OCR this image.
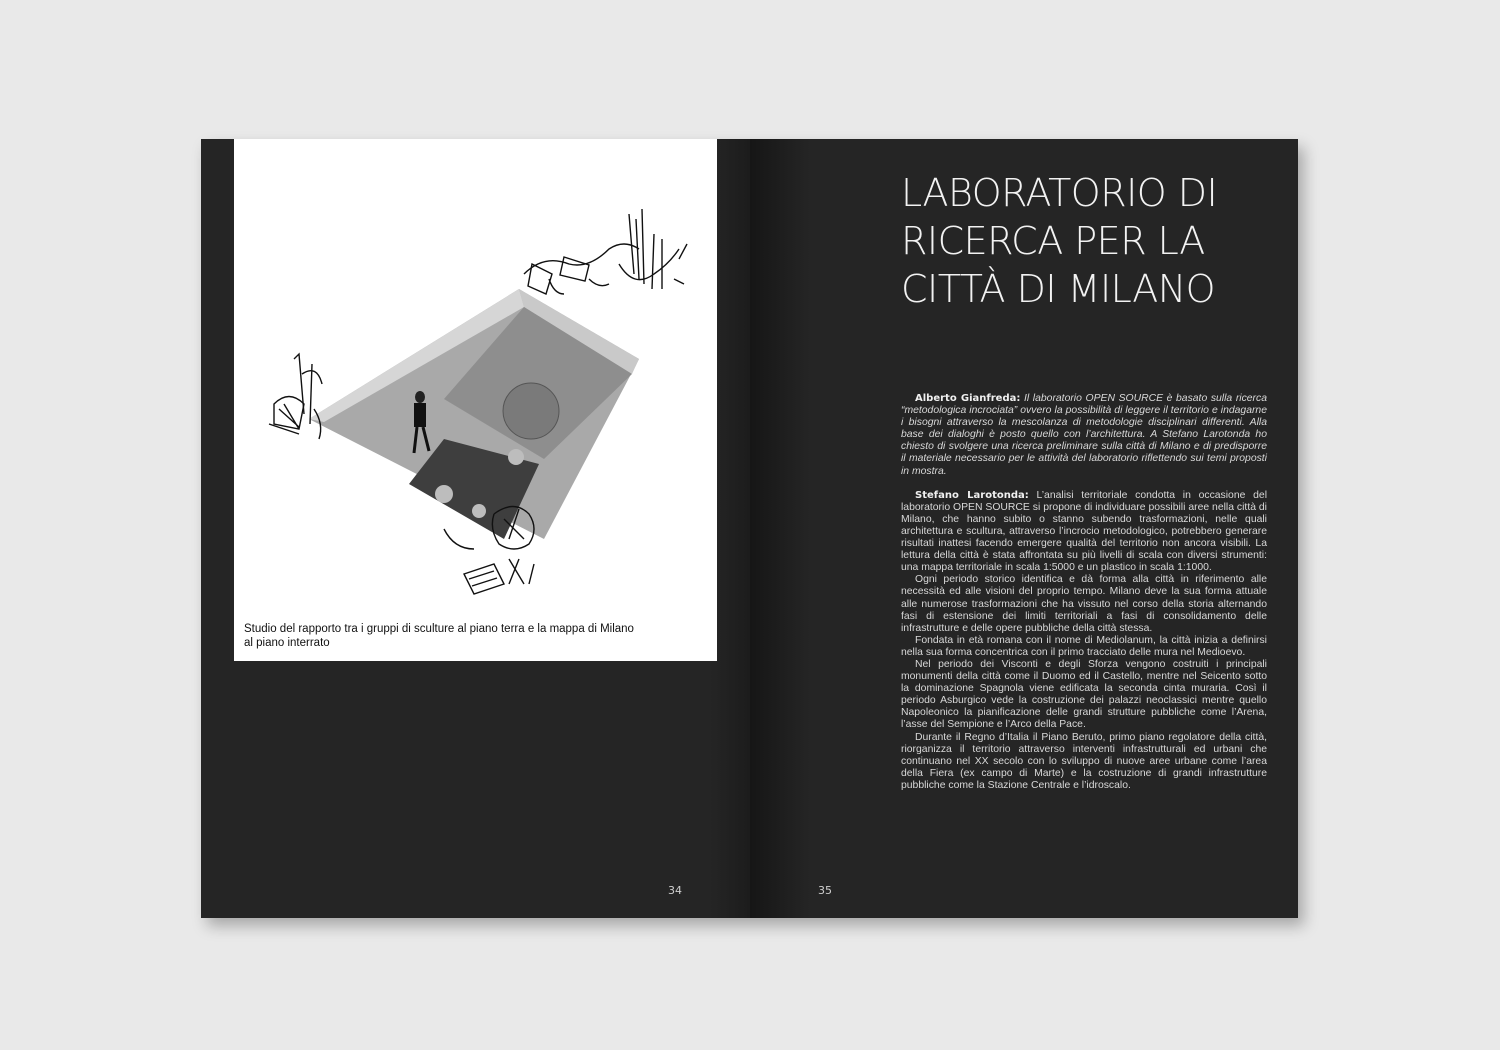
Studio del rapporto tra i gruppi di sculture al piano terra e la mappa di Milano
al piano interrato
34
LABORATORIO DI
RICERCA PER LA
CITTÀ DI MILANO

Alberto Gianfreda: Il laboratorio OPEN SOURCE è basato sulla ricerca “metodologica incrociata” ovvero la possibilità di leggere il territorio e indagarne i bisogni attraverso la mescolanza di metodologie disciplinari differenti. Alla base dei dialoghi è posto quello con l’architettura. A Stefano Larotonda ho chiesto di svolgere una ricerca preliminare sulla città di Milano e di predisporre il materiale necessario per le attività del laboratorio riflettendo sui temi proposti in mostra.

Stefano Larotonda: L’analisi territoriale condotta in occasione del laboratorio OPEN SOURCE si propone di individuare possibili aree nella città di Milano, che hanno subito o stanno subendo trasformazioni, nelle quali architettura e scultura, attraverso l’incrocio metodologico, potrebbero generare risultati inattesi facendo emergere qualità del territorio non ancora visibili. La lettura della città è stata affrontata su più livelli di scala con diversi strumenti: una mappa territoriale in scala 1:5000 e un plastico in scala 1:1000.

Ogni periodo storico identifica e dà forma alla città in riferimento alle necessità ed alle visioni del proprio tempo. Milano deve la sua forma attuale alle numerose trasformazioni che ha vissuto nel corso della storia alternando fasi di estensione dei limiti territoriali a fasi di consolidamento delle infrastrutture e delle opere pubbliche della città stessa.

Fondata in età romana con il nome di Mediolanum, la città inizia a definirsi nella sua forma concentrica con il primo tracciato delle mura nel Medioevo.

Nel periodo dei Visconti e degli Sforza vengono costruiti i principali monumenti della città come il Duomo ed il Castello, mentre nel Seicento sotto la dominazione Spagnola viene edificata la seconda cinta muraria. Così il periodo Asburgico vede la costruzione dei palazzi neoclassici mentre quello Napoleonico la pianificazione delle grandi strutture pubbliche come l’Arena, l’asse del Sempione e l’Arco della Pace.

Durante il Regno d’Italia il Piano Beruto, primo piano regolatore della città, riorganizza il territorio attraverso interventi infrastrutturali ed urbani che continuano nel XX secolo con lo sviluppo di nuove aree urbane come l’area della Fiera (ex campo di Marte) e la costruzione di grandi infrastrutture pubbliche come la Stazione Centrale e l’idroscalo.

35
